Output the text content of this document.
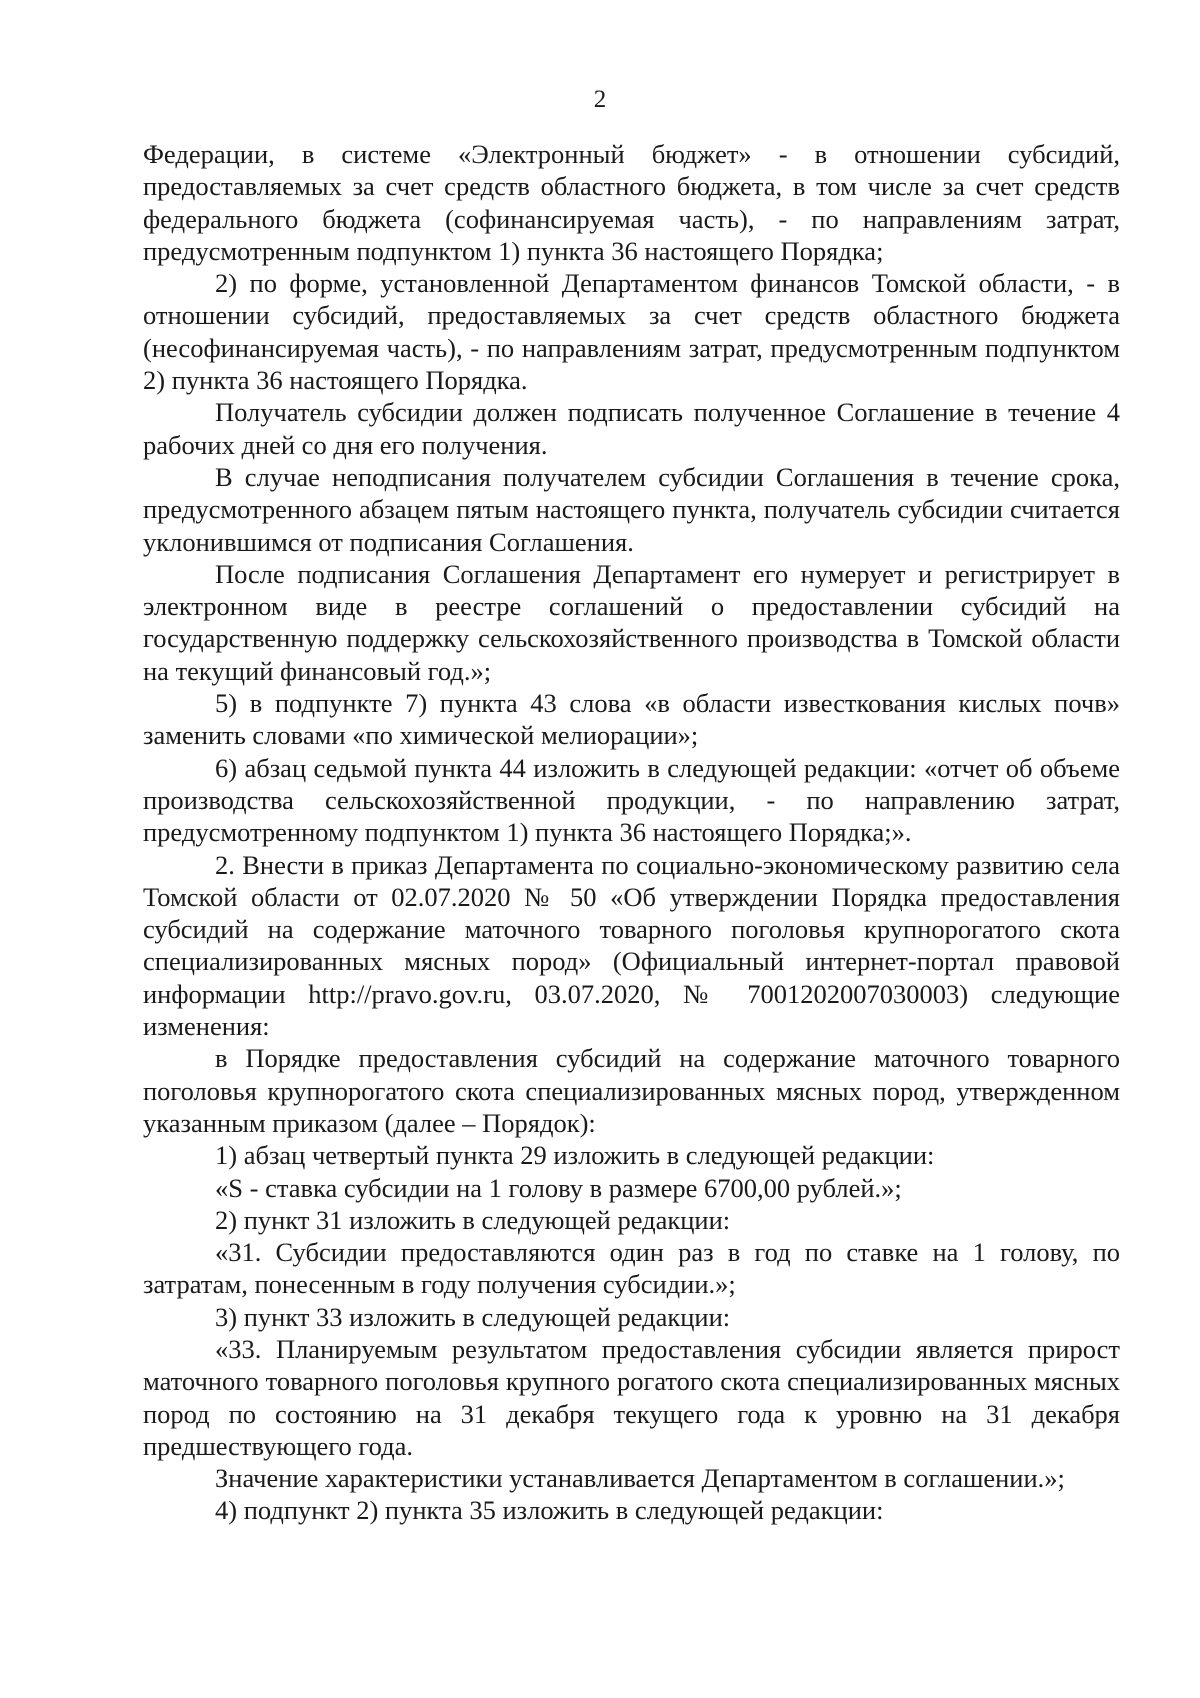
2

Федерации, в системе «Электронный бюджет» - в отношении субсидий, предоставляемых за счет средств областного бюджета, в том числе за счет средств федерального бюджета (софинансируемая часть), - по направлениям затрат, предусмотренным подпунктом 1) пункта 36 настоящего Порядка;

2) по форме, установленной Департаментом финансов Томской области, - в отношении субсидий, предоставляемых за счет средств областного бюджета (несофинансируемая часть), - по направлениям затрат, предусмотренным подпунктом 2) пункта 36 настоящего Порядка.

Получатель субсидии должен подписать полученное Соглашение в течение 4 рабочих дней со дня его получения.

В случае неподписания получателем субсидии Соглашения в течение срока, предусмотренного абзацем пятым настоящего пункта, получатель субсидии считается уклонившимся от подписания Соглашения.

После подписания Соглашения Департамент его нумерует и регистрирует в электронном виде в реестре соглашений о предоставлении субсидий на государственную поддержку сельскохозяйственного производства в Томской области на текущий финансовый год.»;

5) в подпункте 7) пункта 43 слова «в области известкования кислых почв» заменить словами «по химической мелиорации»;

6) абзац седьмой пункта 44 изложить в следующей редакции: «отчет об объеме производства сельскохозяйственной продукции, - по направлению затрат, предусмотренному подпунктом 1) пункта 36 настоящего Порядка;».

2. Внести в приказ Департамента по социально-экономическому развитию села Томской области от 02.07.2020 № 50 «Об утверждении Порядка предоставления субсидий на содержание маточного товарного поголовья крупнорогатого скота специализированных мясных пород» (Официальный интернет-портал правовой информации http://pravo.gov.ru, 03.07.2020, № 7001202007030003) следующие изменения:

в Порядке предоставления субсидий на содержание маточного товарного поголовья крупнорогатого скота специализированных мясных пород, утвержденном указанным приказом (далее – Порядок):

1) абзац четвертый пункта 29 изложить в следующей редакции:

«S - ставка субсидии на 1 голову в размере 6700,00 рублей.»;

2) пункт 31 изложить в следующей редакции:

«31. Субсидии предоставляются один раз в год по ставке на 1 голову, по затратам, понесенным в году получения субсидии.»;

3) пункт 33 изложить в следующей редакции:

«33. Планируемым результатом предоставления субсидии является прирост маточного товарного поголовья крупного рогатого скота специализированных мясных пород по состоянию на 31 декабря текущего года к уровню на 31 декабря предшествующего года.

Значение характеристики устанавливается Департаментом в соглашении.»;

4) подпункт 2) пункта 35 изложить в следующей редакции:
